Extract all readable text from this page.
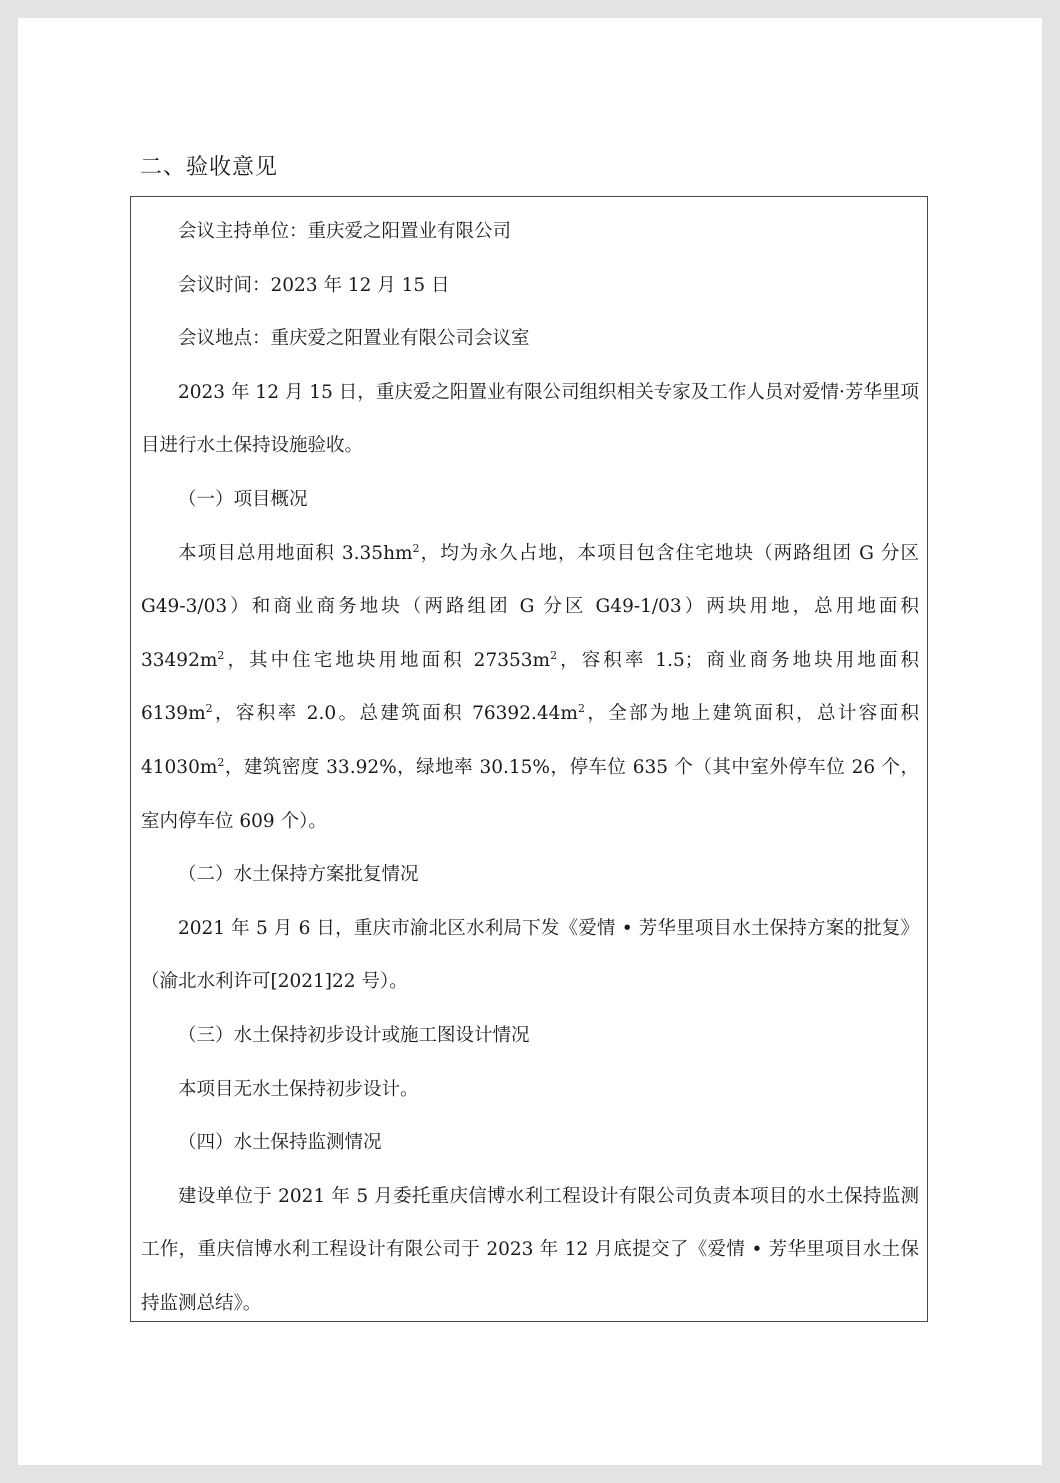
二、验收意见

会议主持单位：重庆爱之阳置业有限公司

会议时间：2023 年 12 月 15 日

会议地点：重庆爱之阳置业有限公司会议室

2023 年 12 月 15 日，重庆爱之阳置业有限公司组织相关专家及工作人员对爱情·芳华里项目进行水土保持设施验收。

（一）项目概况

本项目总用地面积 $3.35hm^2$，均为永久占地，本项目包含住宅地块（两路组团 G 分区 G49-3/03）和商业商务地块（两路组团 G 分区 G49-1/03）两块用地，总用地面积 $33492m^2$，其中住宅地块用地面积 $27353m^2$，容积率 1.5；商业商务地块用地面积 $6139m^2$，容积率 2.0。总建筑面积 $76392.44m^2$，全部为地上建筑面积，总计容面积 $41030m^2$，建筑密度 33.92%，绿地率 30.15%，停车位 635 个（其中室外停车位 26 个，室内停车位 609 个）。

（二）水土保持方案批复情况

2021 年 5 月 6 日，重庆市渝北区水利局下发《爱情 • 芳华里项目水土保持方案的批复》（渝北水利许可[2021]22 号）。

（三）水土保持初步设计或施工图设计情况

本项目无水土保持初步设计。

（四）水土保持监测情况

建设单位于 2021 年 5 月委托重庆信博水利工程设计有限公司负责本项目的水土保持监测工作，重庆信博水利工程设计有限公司于 2023 年 12 月底提交了《爱情 • 芳华里项目水土保持监测总结》。
